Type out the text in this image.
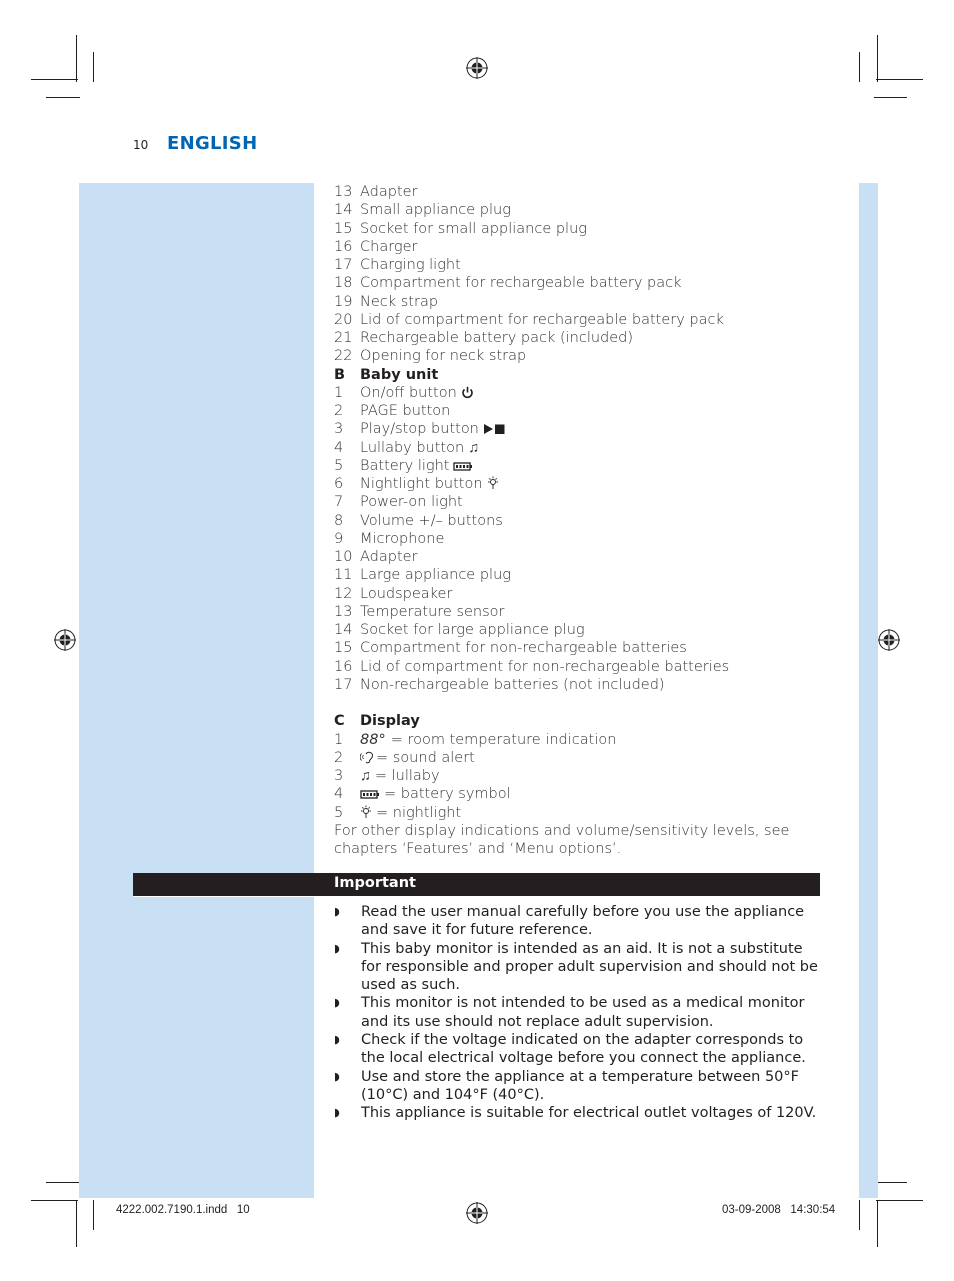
10 ENGLISH
13 Adapter
14 Small appliance plug
15 Socket for small appliance plug
16 Charger
17 Charging light
18 Compartment for rechargeable battery pack
19 Neck strap
20 Lid of compartment for rechargeable battery pack
21 Rechargeable battery pack (included)
22 Opening for neck strap
B	Baby unit
1	On/off button
2	PAGE button
3	Play/stop button
4	Lullaby button ♫
5	Battery light
6	Nightlight button
7	Power-on light
8	Volume +/– buttons
9	Microphone
10 Adapter
11 Large appliance plug
12 Loudspeaker
13 Temperature sensor
14 Socket for large appliance plug
15 Compartment for non-rechargeable batteries
16 Lid of compartment for non-rechargeable batteries
17 Non-rechargeable batteries (not included)
C	Display
1	88° = room temperature indication
2	= sound alert
3	♫ = lullaby
4	= battery symbol
5	= nightlight
For other display indications and volume/sensitivity levels, see chapters ‘Features’ and ‘Menu options’.
Important
◗	Read the user manual carefully before you use the appliance and save it for future reference.
◗	This baby monitor is intended as an aid. It is not a substitute for responsible and proper adult supervision and should not be used as such.
◗	This monitor is not intended to be used as a medical monitor and its use should not replace adult supervision.
◗	Check if the voltage indicated on the adapter corresponds to the local electrical voltage before you connect the appliance.
◗	Use and store the appliance at a temperature between 50°F (10°C) and 104°F (40°C).
◗	This appliance is suitable for electrical outlet voltages of 120V.
4222.002.7190.1.indd   10	03-09-2008   14:30:54
